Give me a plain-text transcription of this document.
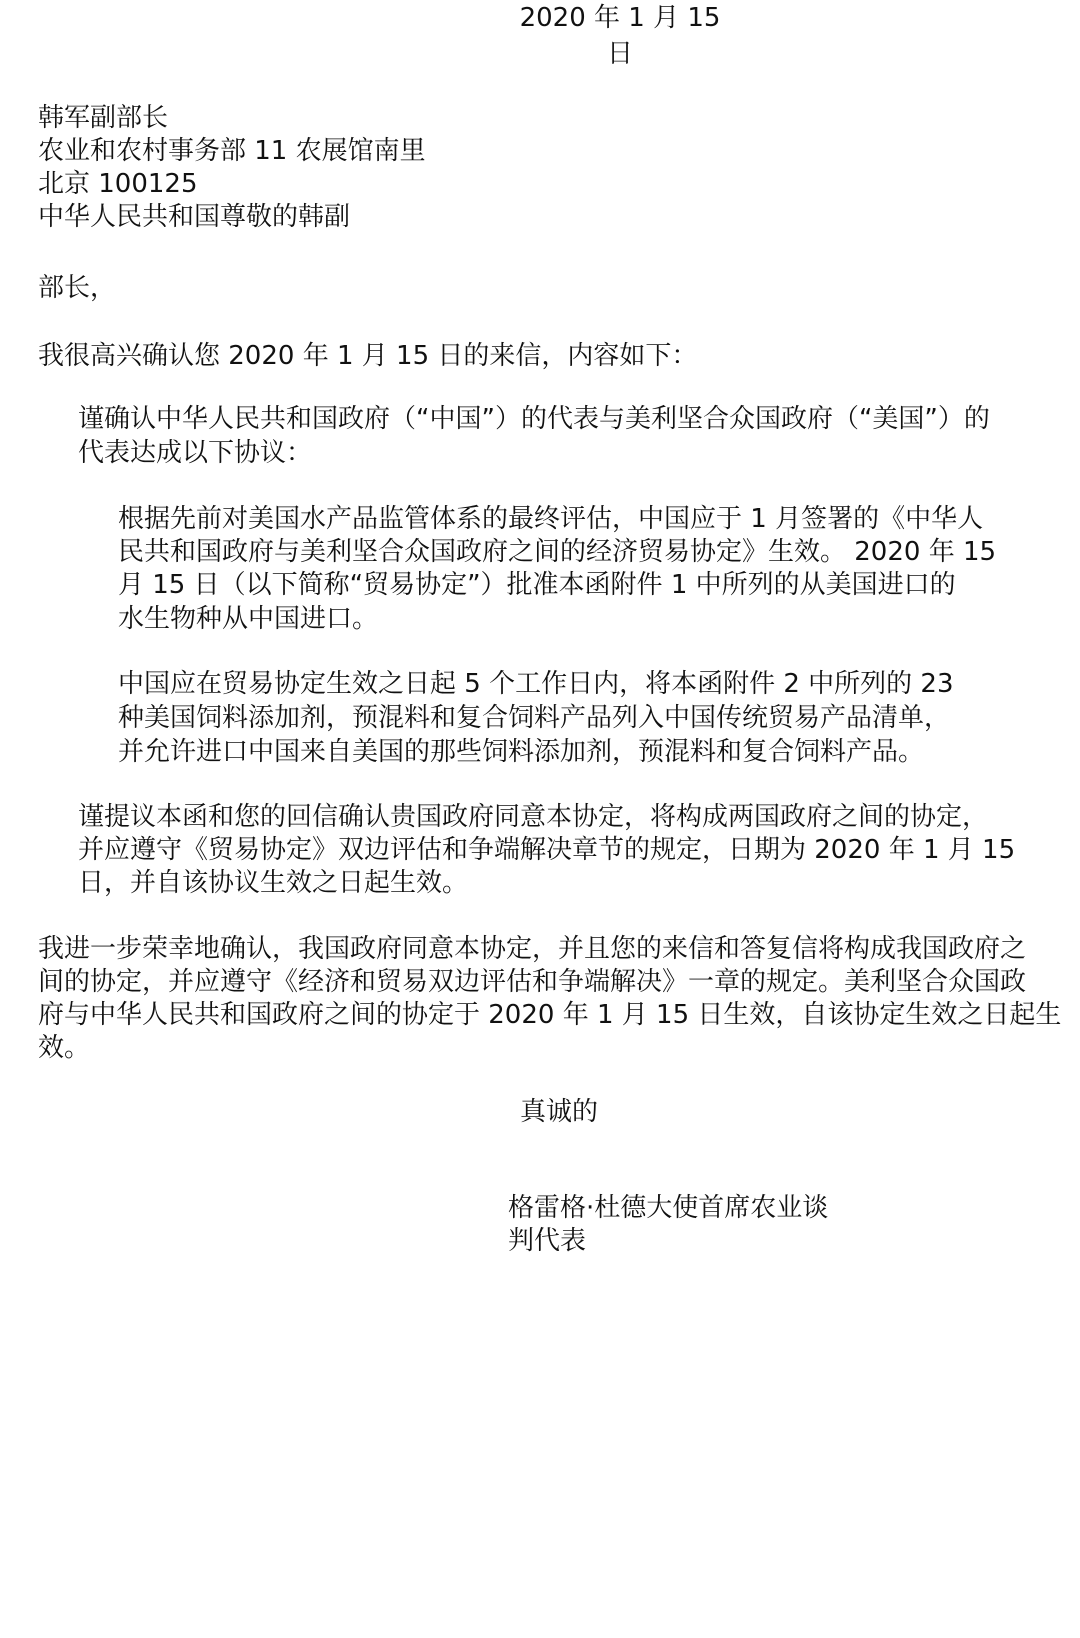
2020 年 1 月 15
日
韩军副部长
农业和农村事务部 11 农展馆南里
北京 100125
中华人民共和国尊敬的韩副
部长，
我很高兴确认您 2020 年 1 月 15 日的来信，内容如下：
谨确认中华人民共和国政府（“中国”）的代表与美利坚合众国政府（“美国”）的
代表达成以下协议：
根据先前对美国水产品监管体系的最终评估，中国应于 1 月签署的《中华人
民共和国政府与美利坚合众国政府之间的经济贸易协定》生效。 2020 年 15
月 15 日（以下简称“贸易协定”）批准本函附件 1 中所列的从美国进口的
水生物种从中国进口。
中国应在贸易协定生效之日起 5 个工作日内，将本函附件 2 中所列的 23
种美国饲料添加剂，预混料和复合饲料产品列入中国传统贸易产品清单，
并允许进口中国来自美国的那些饲料添加剂，预混料和复合饲料产品。
谨提议本函和您的回信确认贵国政府同意本协定，将构成两国政府之间的协定，
并应遵守《贸易协定》双边评估和争端解决章节的规定，日期为 2020 年 1 月 15
日，并自该协议生效之日起生效。
我进一步荣幸地确认，我国政府同意本协定，并且您的来信和答复信将构成我国政府之
间的协定，并应遵守《经济和贸易双边评估和争端解决》一章的规定。美利坚合众国政
府与中华人民共和国政府之间的协定于 2020 年 1 月 15 日生效，自该协定生效之日起生
效。
真诚的
格雷格·杜德大使首席农业谈
判代表
